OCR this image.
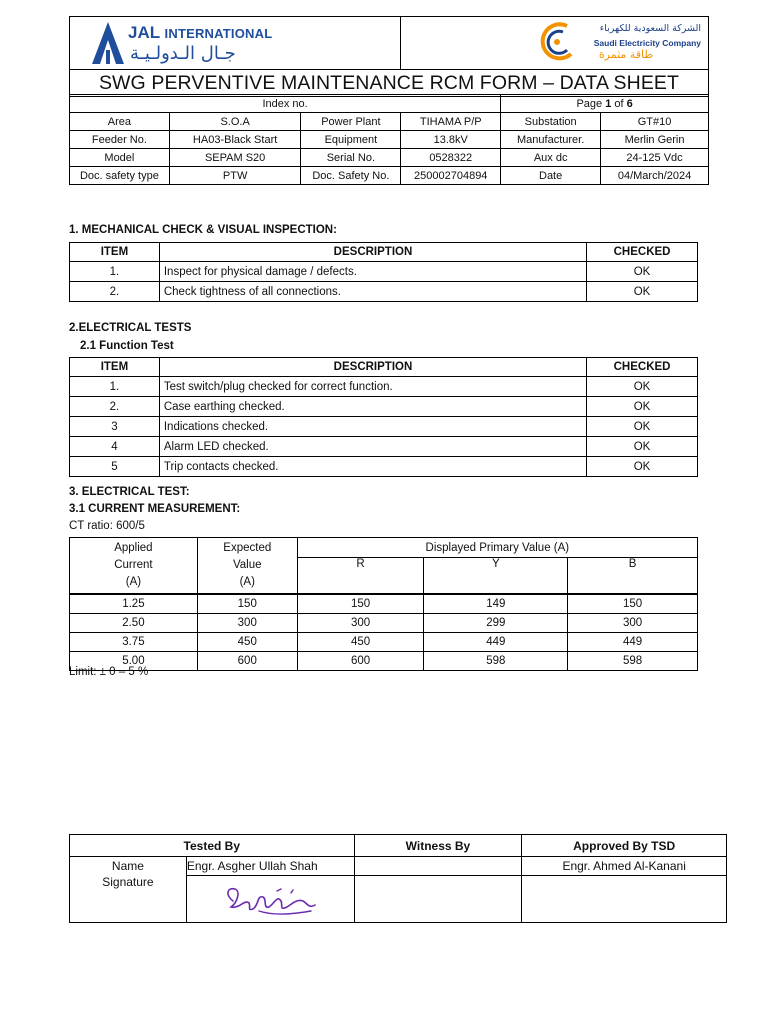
JAL INTERNATIONAL
جـال الـدولـيـة

الشركة السعودية للكهرباء
Saudi Electricity Company
طاقة مثمرة

SWG PERVENTIVE MAINTENANCE RCM FORM – DATA SHEET
Index no.				Page 1 of 6	
Area	S.O.A	Power Plant	TIHAMA P/P	Substation	GT#10
Feeder No.	HA03-Black Start	Equipment	13.8kV	Manufacturer.	Merlin Gerin
Model	SEPAM S20	Serial No.	0528322	Aux dc	24-125 Vdc
Doc. safety type	PTW	Doc. Safety No.	250002704894	Date	04/March/2024
1. MECHANICAL CHECK & VISUAL INSPECTION:
ITEM	DESCRIPTION	CHECKED
1.	Inspect for physical damage / defects.	OK
2.	Check tightness of all connections.	OK
2.ELECTRICAL TESTS
2.1 Function Test
ITEM	DESCRIPTION	CHECKED
1.	Test switch/plug checked for correct function.	OK
2.	Case earthing checked.	OK
3	Indications checked.	OK
4	Alarm LED checked.	OK
5	Trip contacts checked.	OK
3. ELECTRICAL TEST:
3.1 CURRENT MEASUREMENT:
CT ratio: 600/5
Applied
Current
(A)	Expected
Value
(A)	Displayed Primary Value (A)		
		R	Y	B
1.25	150	150	149	150
2.50	300	300	299	300
3.75	450	450	449	449
5.00	600	600	598	598
Limit: ± 0 – 5 %
Tested By		Witness By	Approved By TSD
Name	Engr. Asgher Ullah Shah		Engr. Ahmed Al-Kanani
Signature	
